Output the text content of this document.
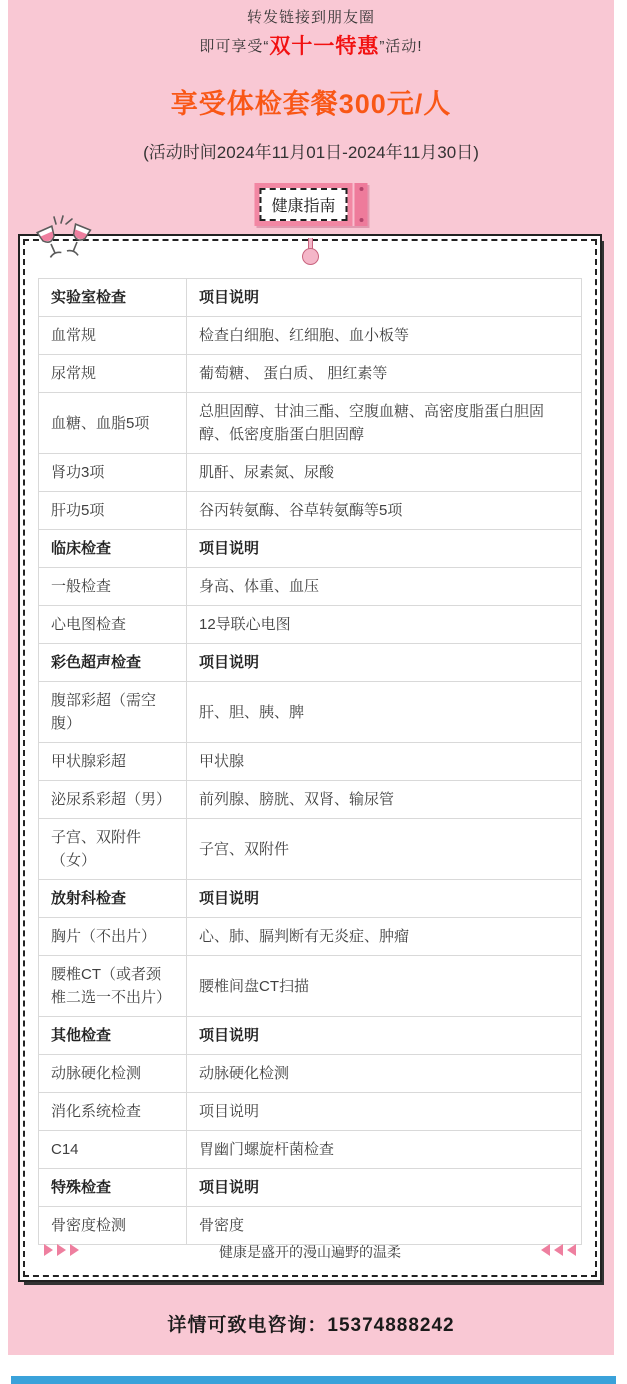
转发链接到朋友圈
即可享受“双十一特惠”活动!
享受体检套餐300元/人
(活动时间2024年11月01日-2024年11月30日)
健康指南
实验室检查	项目说明
血常规	检查白细胞、红细胞、血小板等
尿常规	葡萄糖、 蛋白质、 胆红素等
血糖、血脂5项	总胆固醇、甘油三酯、空腹血糖、高密度脂蛋白胆固醇、低密度脂蛋白胆固醇
肾功3项	肌酐、尿素氮、尿酸
肝功5项	谷丙转氨酶、谷草转氨酶等5项
临床检查	项目说明
一般检查	身高、体重、血压
心电图检查	12导联心电图
彩色超声检查	项目说明
腹部彩超（需空腹）	肝、胆、胰、脾
甲状腺彩超	甲状腺
泌尿系彩超（男）	前列腺、膀胱、双肾、输尿管
子宫、双附件（女）	子宫、双附件
放射科检查	项目说明
胸片（不出片）	心、肺、膈判断有无炎症、肿瘤
腰椎CT（或者颈椎二选一不出片）	腰椎间盘CT扫描
其他检查	项目说明
动脉硬化检测	动脉硬化检测
消化系统检查	项目说明
C14	胃幽门螺旋杆菌检查
特殊检查	项目说明
骨密度检测	骨密度
健康是盛开的漫山遍野的温柔
详情可致电咨询：15374888242
